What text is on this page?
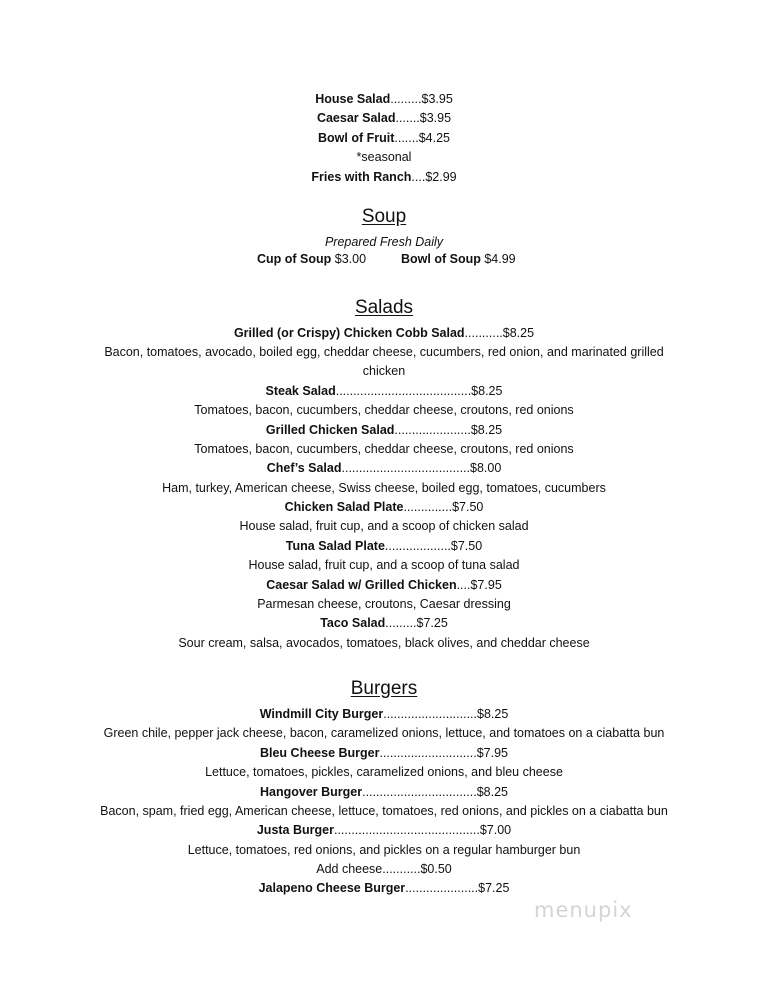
House Salad.........$3.95
Caesar Salad.......$3.95
Bowl of Fruit.......$4.25
*seasonal
Fries with Ranch....$2.99
Soup
Prepared Fresh Daily
Cup of Soup $3.00	Bowl of Soup $4.99
Salads
Grilled (or Crispy) Chicken Cobb Salad...........$8.25
Bacon, tomatoes, avocado, boiled egg, cheddar cheese, cucumbers, red onion, and marinated grilled
chicken
Steak Salad.......................................$8.25
Tomatoes, bacon, cucumbers, cheddar cheese, croutons, red onions
Grilled Chicken Salad......................$8.25
Tomatoes, bacon, cucumbers, cheddar cheese, croutons, red onions
Chef’s Salad.....................................$8.00
Ham, turkey, American cheese, Swiss cheese, boiled egg, tomatoes, cucumbers
Chicken Salad Plate..............$7.50
House salad, fruit cup, and a scoop of chicken salad
Tuna Salad Plate...................$7.50
House salad, fruit cup, and a scoop of tuna salad
Caesar Salad w/ Grilled Chicken....$7.95
Parmesan cheese, croutons, Caesar dressing
Taco Salad.........$7.25
Sour cream, salsa, avocados, tomatoes, black olives, and cheddar cheese
Burgers
Windmill City Burger...........................$8.25
Green chile, pepper jack cheese, bacon, caramelized onions, lettuce, and tomatoes on a ciabatta bun
Bleu Cheese Burger............................$7.95
Lettuce, tomatoes, pickles, caramelized onions, and bleu cheese
Hangover Burger.................................$8.25
Bacon, spam, fried egg, American cheese, lettuce, tomatoes, red onions, and pickles on a ciabatta bun
Justa Burger..........................................$7.00
Lettuce, tomatoes, red onions, and pickles on a regular hamburger bun
Add cheese...........$0.50
Jalapeno Cheese Burger.....................$7.25
menupix
